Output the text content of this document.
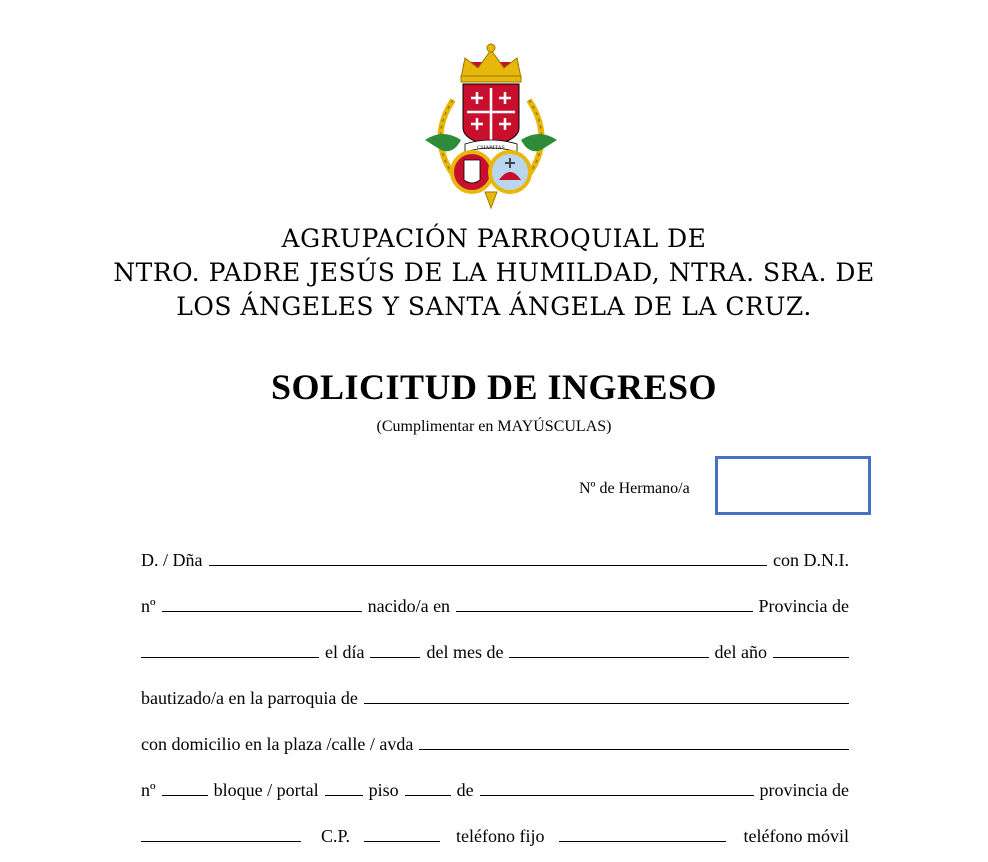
CHARITAS
AGRUPACIÓN PARROQUIAL DE
NTRO. PADRE JESÚS DE LA HUMILDAD, NTRA. SRA. DE
LOS ÁNGELES Y SANTA ÁNGELA DE LA CRUZ.
SOLICITUD DE INGRESO
(Cumplimentar en MAYÚSCULAS)
Nº de Hermano/a
D. / Dña	con D.N.I.
nº	nacido/a en	Provincia de
el día	del mes de	del año
bautizado/a en la parroquia de
con domicilio en la plaza /calle / avda
nº	bloque / portal	piso	de	provincia de
C.P.	teléfono fijo	teléfono móvil
